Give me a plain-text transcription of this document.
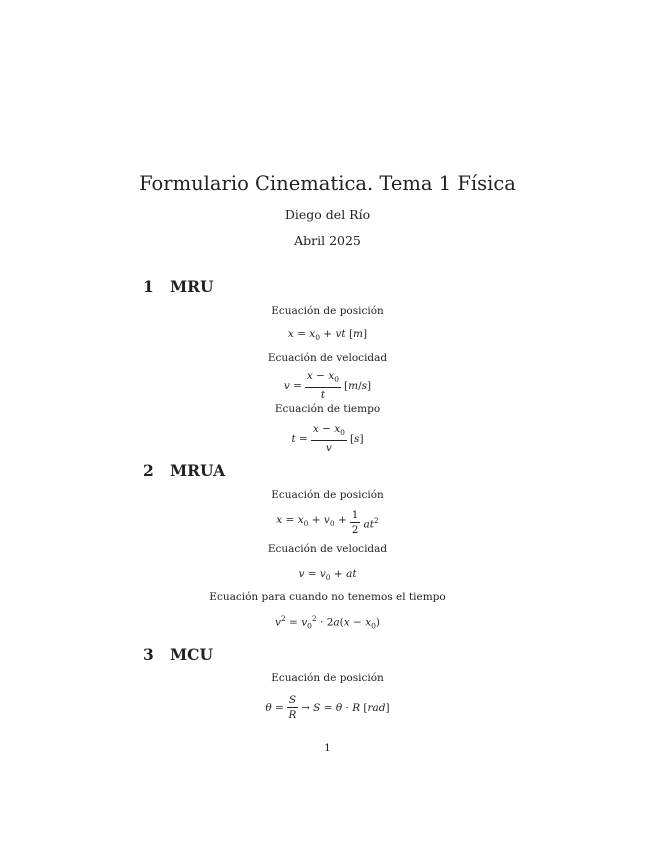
Formulario Cinematica. Tema 1 Física
Diego del Río
Abril 2025
1 MRU
Ecuación de posición
$x = x_0$ + vt [m]
Ecuación de velocidad
$v = \frac{x - x_0}{t} [m/s]$
Ecuación de tiempo
$t = \frac{x - x_0}{v} [s]$
2 MRUA
Ecuación de posición
$x = x_0 + v_0 + \frac{1}{2} at^2$
Ecuación de velocidad
$v = v_0$ + at
Ecuación para cuando no tenemos el tiempo
$v^2 = v_0^2 \cdot 2a(x - x_0)$
3 MCU
Ecuación de posición
$\theta = \frac{S}{R} \to S = \theta \cdot R$ [rad]
1
